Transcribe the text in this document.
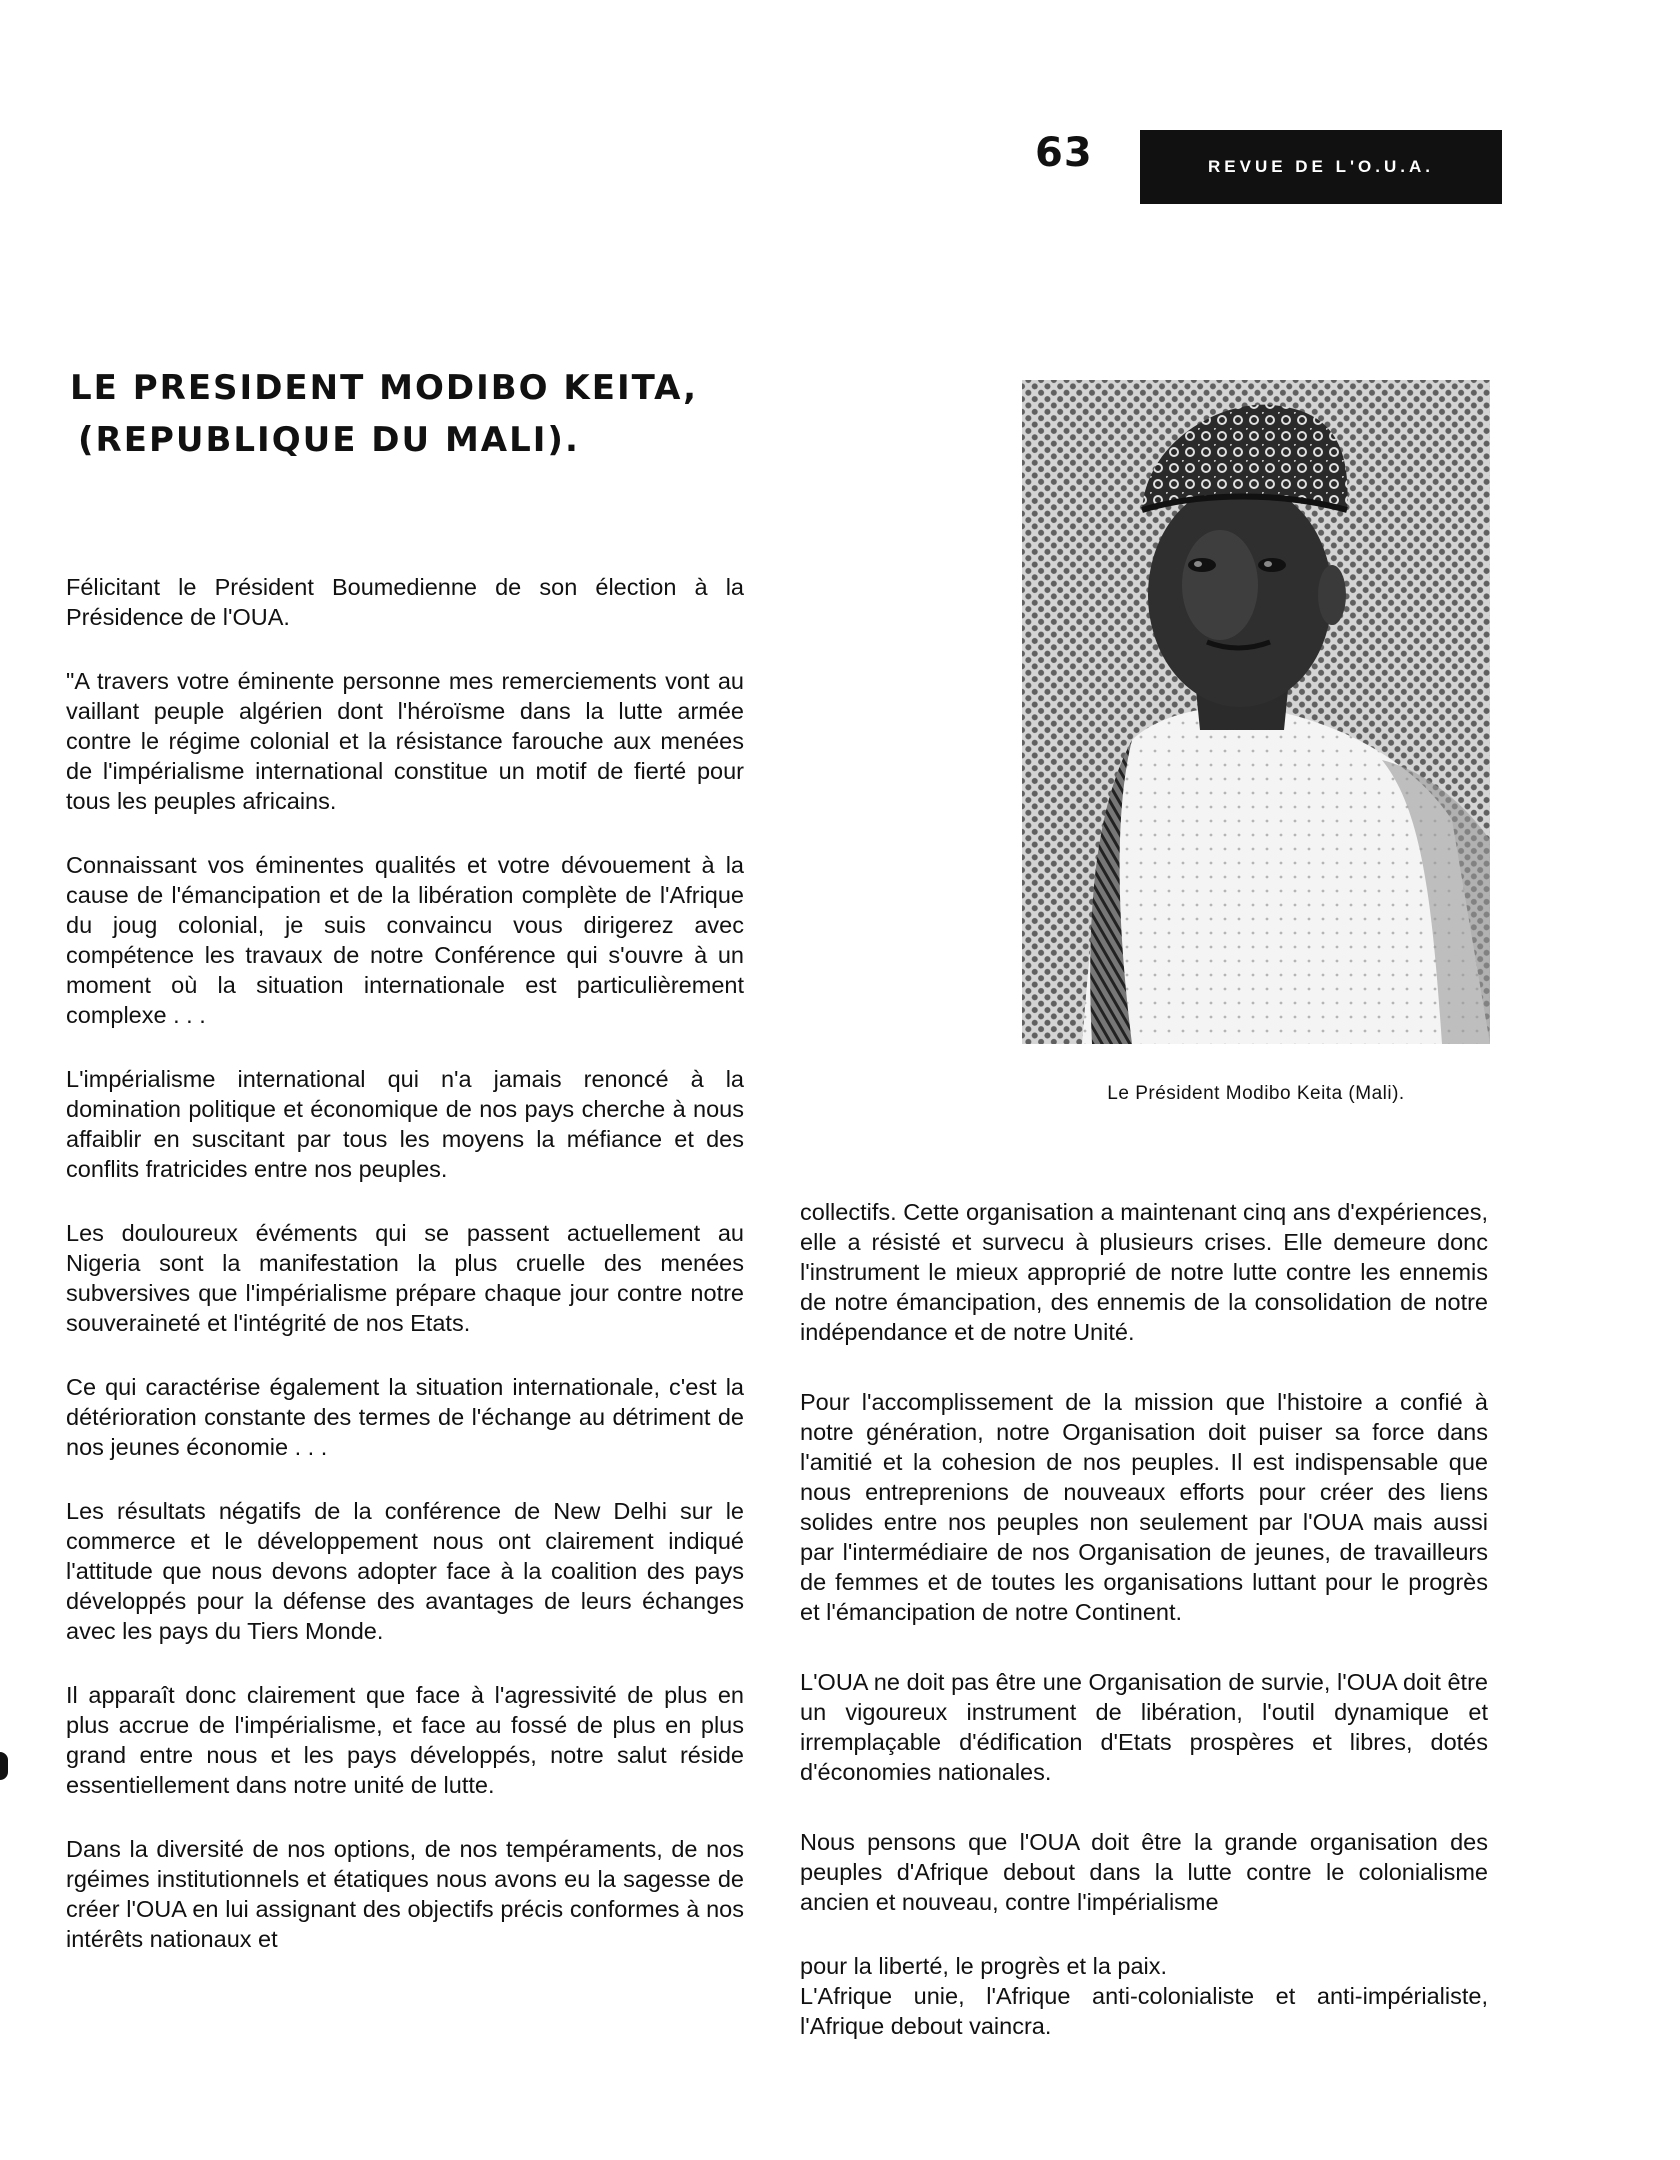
63	REVUE DE L'O.U.A.
LE PRESIDENT MODIBO KEITA,
(REPUBLIQUE DU MALI).

Félicitant le Président Boumedienne de son élection à la Présidence de l'OUA.

"A travers votre éminente personne mes remerciements vont au vaillant peuple algérien dont l'héroïsme dans la lutte armée contre le régime colonial et la résistance farouche aux menées de l'impérialisme international constitue un motif de fierté pour tous les peuples africains.

Connaissant vos éminentes qualités et votre dévouement à la cause de l'émancipation et de la libération complète de l'Afrique du joug colonial, je suis convaincu vous dirigerez avec compétence les travaux de notre Conférence qui s'ouvre à un moment où la situation internationale est particulièrement complexe . . .

L'impérialisme international qui n'a jamais renoncé à la domination politique et économique de nos pays cherche à nous affaiblir en suscitant par tous les moyens la méfiance et des conflits fratricides entre nos peuples.

Les douloureux évéments qui se passent actuellement au Nigeria sont la manifestation la plus cruelle des menées subversives que l'impérialisme prépare chaque jour contre notre souveraineté et l'intégrité de nos Etats.

Ce qui caractérise également la situation internationale, c'est la détérioration constante des termes de l'échange au détriment de nos jeunes économie . . .

Les résultats négatifs de la conférence de New Delhi sur le commerce et le développement nous ont clairement indiqué l'attitude que nous devons adopter face à la coalition des pays développés pour la défense des avantages de leurs échanges avec les pays du Tiers Monde.

Il apparaît donc clairement que face à l'agressivité de plus en plus accrue de l'impérialisme, et face au fossé de plus en plus grand entre nous et les pays développés, notre salut réside essentiellement dans notre unité de lutte.

Dans la diversité de nos options, de nos tempéraments, de nos rgéimes institutionnels et étatiques nous avons eu la sagesse de créer l'OUA en lui assignant des objectifs précis conformes à nos intérêts nationaux et

Le Président Modibo Keita (Mali).

collectifs. Cette organisation a maintenant cinq ans d'expériences, elle a résisté et survecu à plusieurs crises. Elle demeure donc l'instrument le mieux approprié de notre lutte contre les ennemis de notre émancipation, des ennemis de la consolidation de notre indépendance et de notre Unité.

Pour l'accomplissement de la mission que l'histoire a confié à notre génération, notre Organisation doit puiser sa force dans l'amitié et la cohesion de nos peuples. Il est indispensable que nous entreprenions de nouveaux efforts pour créer des liens solides entre nos peuples non seulement par l'OUA mais aussi par l'intermédiaire de nos Organisation de jeunes, de travailleurs de femmes et de toutes les organisations luttant pour le progrès et l'émancipation de notre Continent.

L'OUA ne doit pas être une Organisation de survie, l'OUA doit être un vigoureux instrument de libération, l'outil dynamique et irremplaçable d'édification d'Etats prospères et libres, dotés d'économies nationales.

Nous pensons que l'OUA doit être la grande organisation des peuples d'Afrique debout dans la lutte contre le colonialisme ancien et nouveau, contre l'impérialisme

pour la liberté, le progrès et la paix.

L'Afrique unie, l'Afrique anti-colonialiste et anti-impérialiste, l'Afrique debout vaincra.
